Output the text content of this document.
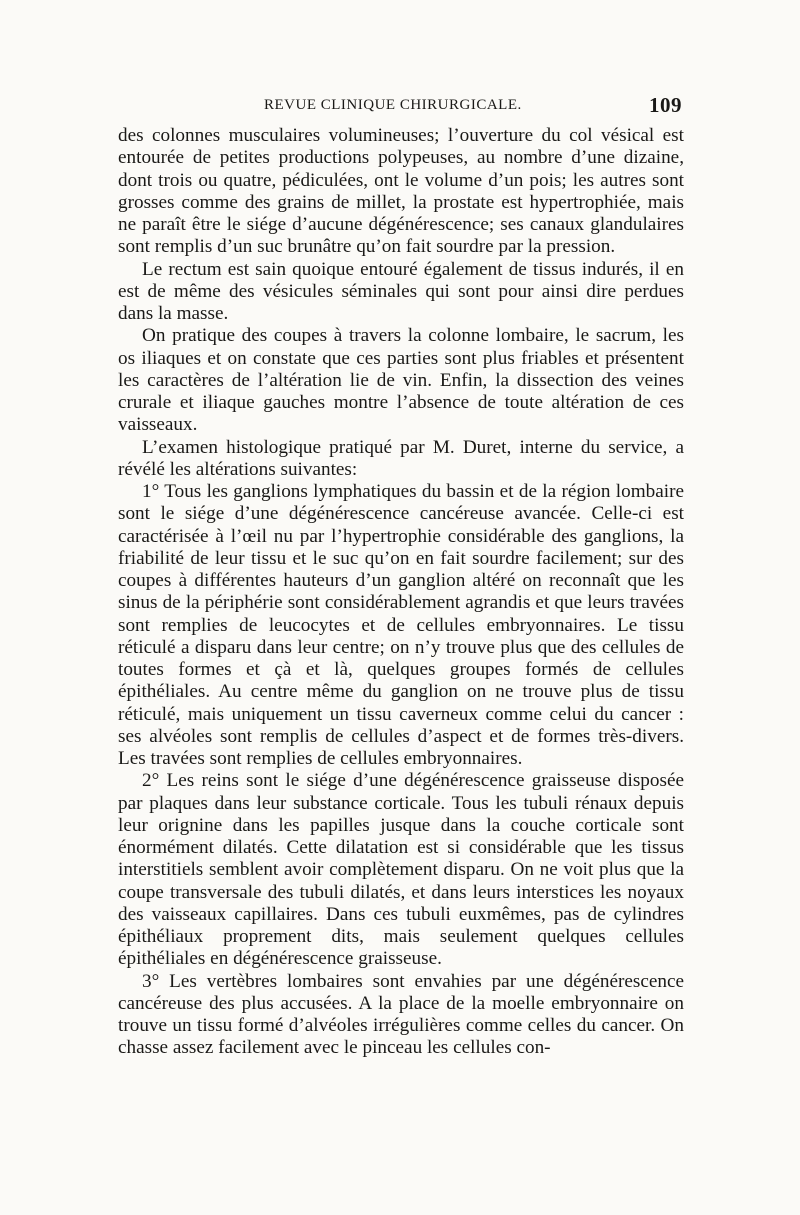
REVUE CLINIQUE CHIRURGICALE.	109

des colonnes musculaires volumineuses; l’ouverture du col vésical est entourée de petites productions polypeuses, au nombre d’une dizaine, dont trois ou quatre, pédiculées, ont le volume d’un pois; les autres sont grosses comme des grains de millet, la prostate est hypertrophiée, mais ne paraît être le siége d’aucune dégénérescence; ses canaux glandulaires sont remplis d’un suc brunâtre qu’on fait sourdre par la pression.

Le rectum est sain quoique entouré également de tissus indurés, il en est de même des vésicules séminales qui sont pour ainsi dire perdues dans la masse.

On pratique des coupes à travers la colonne lombaire, le sacrum, les os iliaques et on constate que ces parties sont plus friables et présentent les caractères de l’altération lie de vin. Enfin, la dissection des veines crurale et iliaque gauches montre l’absence de toute altération de ces vaisseaux.

L’examen histologique pratiqué par M. Duret, interne du service, a révélé les altérations suivantes:

1° Tous les ganglions lymphatiques du bassin et de la région lombaire sont le siége d’une dégénérescence cancéreuse avancée. Celle-ci est caractérisée à l’œil nu par l’hypertrophie considérable des ganglions, la friabilité de leur tissu et le suc qu’on en fait sourdre facilement; sur des coupes à différentes hauteurs d’un ganglion altéré on reconnaît que les sinus de la périphérie sont considérablement agrandis et que leurs travées sont remplies de leucocytes et de cellules embryonnaires. Le tissu réticulé a disparu dans leur centre; on n’y trouve plus que des cellules de toutes formes et çà et là, quelques groupes formés de cellules épithéliales. Au centre même du ganglion on ne trouve plus de tissu réticulé, mais uniquement un tissu caverneux comme celui du cancer : ses alvéoles sont remplis de cellules d’aspect et de formes très-divers. Les travées sont remplies de cellules embryonnaires.

2° Les reins sont le siége d’une dégénérescence graisseuse disposée par plaques dans leur substance corticale. Tous les tubuli rénaux depuis leur orignine dans les papilles jusque dans la couche corticale sont énormément dilatés. Cette dilatation est si considérable que les tissus interstitiels semblent avoir complètement disparu. On ne voit plus que la coupe transversale des tubuli dilatés, et dans leurs interstices les noyaux des vaisseaux capillaires. Dans ces tubuli euxmêmes, pas de cylindres épithéliaux proprement dits, mais seulement quelques cellules épithéliales en dégénérescence graisseuse.

3° Les vertèbres lombaires sont envahies par une dégénérescence cancéreuse des plus accusées. A la place de la moelle embryonnaire on trouve un tissu formé d’alvéoles irrégulières comme celles du cancer. On chasse assez facilement avec le pinceau les cellules con-
